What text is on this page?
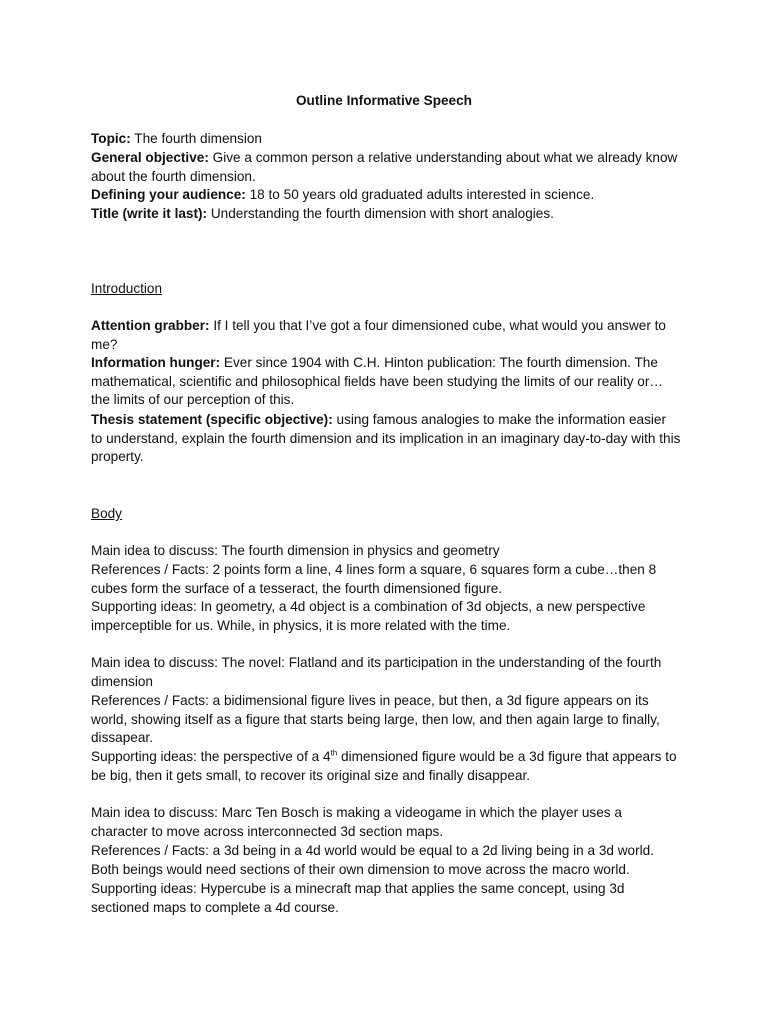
Outline Informative Speech

Topic: The fourth dimension

General objective: Give a common person a relative understanding about what we already know about the fourth dimension.

Defining your audience: 18 to 50 years old graduated adults interested in science.

Title (write it last): Understanding the fourth dimension with short analogies.

Introduction

Attention grabber: If I tell you that I’ve got a four dimensioned cube, what would you answer to me?

Information hunger: Ever since 1904 with C.H. Hinton publication: The fourth dimension. The mathematical, scientific and philosophical fields have been studying the limits of our reality or… the limits of our perception of this.

Thesis statement (specific objective): using famous analogies to make the information easier to understand, explain the fourth dimension and its implication in an imaginary day-to-day with this property.

Body

Main idea to discuss: The fourth dimension in physics and geometry

References / Facts: 2 points form a line, 4 lines form a square, 6 squares form a cube…then 8 cubes form the surface of a tesseract, the fourth dimensioned figure.

Supporting ideas: In geometry, a 4d object is a combination of 3d objects, a new perspective imperceptible for us. While, in physics, it is more related with the time.

Main idea to discuss: The novel: Flatland and its participation in the understanding of the fourth dimension

References / Facts: a bidimensional figure lives in peace, but then, a 3d figure appears on its world, showing itself as a figure that starts being large, then low, and then again large to finally, dissapear.

Supporting ideas: the perspective of a 4th dimensioned figure would be a 3d figure that appears to be big, then it gets small, to recover its original size and finally disappear.

Main idea to discuss: Marc Ten Bosch is making a videogame in which the player uses a character to move across interconnected 3d section maps.

References / Facts: a 3d being in a 4d world would be equal to a 2d living being in a 3d world. Both beings would need sections of their own dimension to move across the macro world.

Supporting ideas: Hypercube is a minecraft map that applies the same concept, using 3d sectioned maps to complete a 4d course.
